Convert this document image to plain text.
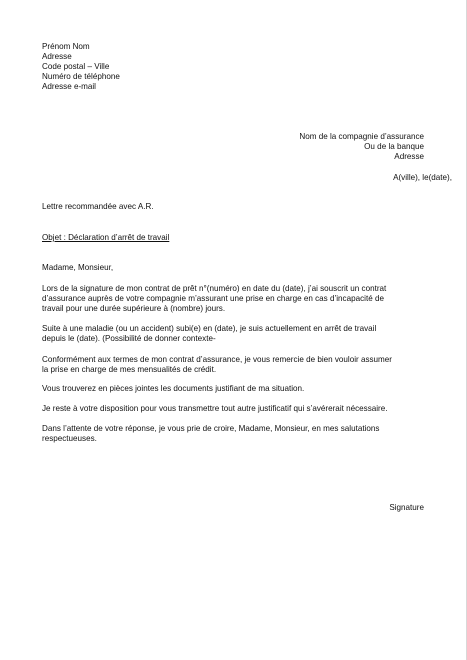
Prénom Nom
Adresse
Code postal – Ville
Numéro de téléphone
Adresse e-mail
Nom de la compagnie d’assurance
Ou de la banque
Adresse
A(ville), le(date),
Lettre recommandée avec A.R.
Objet : Déclaration d’arrêt de travail
Madame, Monsieur,
Lors de la signature de mon contrat de prêt n°(numéro) en date du (date), j’ai souscrit un contrat
d’assurance auprès de votre compagnie m’assurant une prise en charge en cas d’incapacité de
travail pour une durée supérieure à (nombre) jours.
Suite à une maladie (ou un accident) subi(e) en (date), je suis actuellement en arrêt de travail
depuis le (date). (Possibilité de donner contexte-
Conformément aux termes de mon contrat d’assurance, je vous remercie de bien vouloir assumer
la prise en charge de mes mensualités de crédit.
Vous trouverez en pièces jointes les documents justifiant de ma situation.
Je reste à votre disposition pour vous transmettre tout autre justificatif qui s’avérerait nécessaire.
Dans l’attente de votre réponse, je vous prie de croire, Madame, Monsieur, en mes salutations
respectueuses.
Signature
